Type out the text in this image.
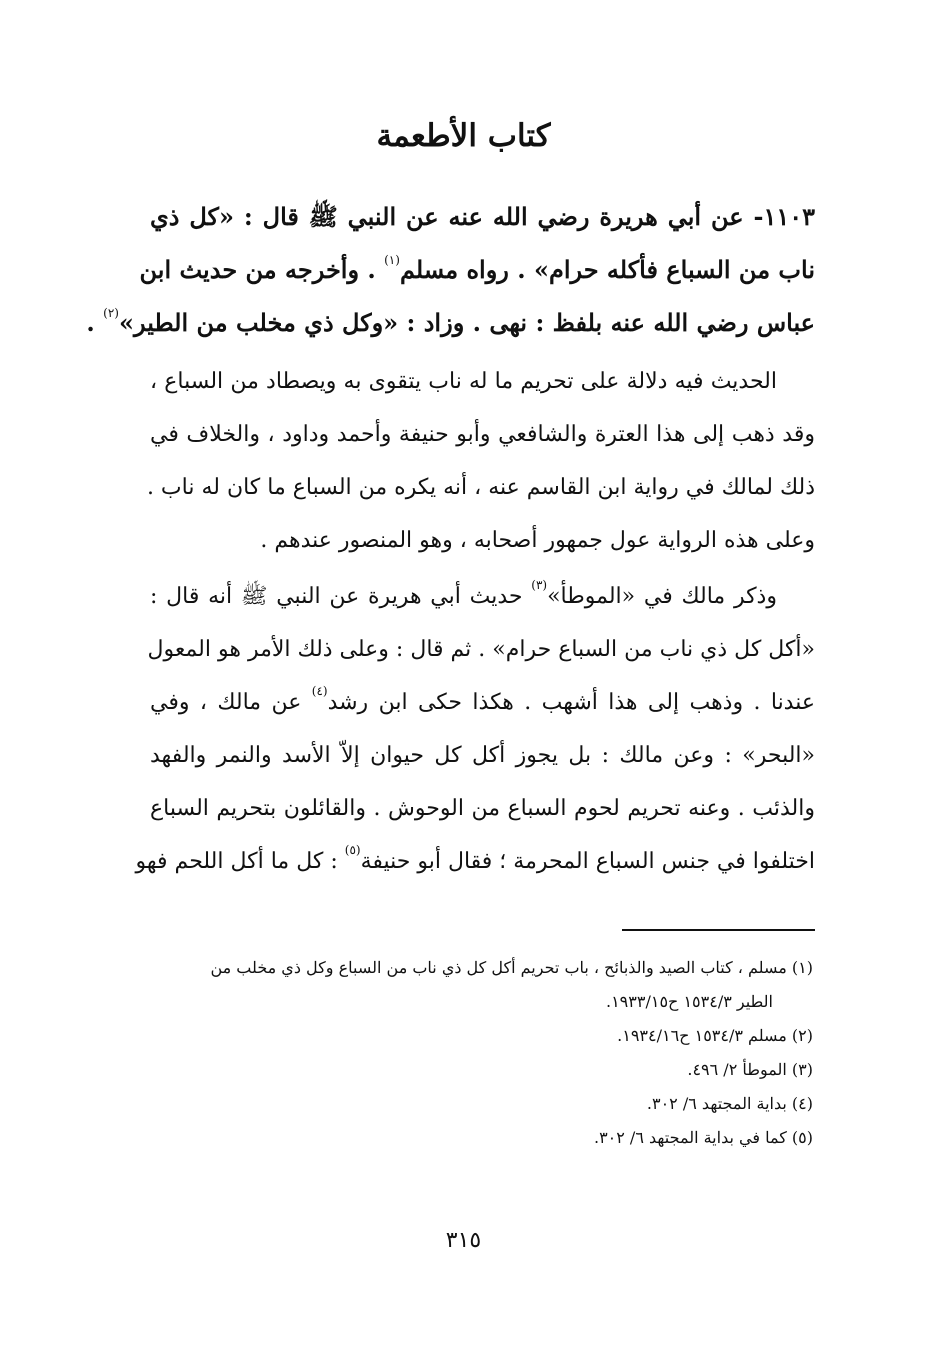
كتاب الأطعمة
١١٠٣- عن أبي هريرة رضي الله عنه عن النبي ﷺ قال : «كل ذي
ناب من السباع فأكله حرام» . رواه مسلم$^{(١)}$ . وأخرجه من حديث ابن
عباس رضي الله عنه بلفظ : نهى . وزاد : «وكل ذي مخلب من الطير»$^{(٢)}$ .
الحديث فيه دلالة على تحريم ما له ناب يتقوى به ويصطاد من السباع ،
وقد ذهب إلى هذا العترة والشافعي وأبو حنيفة وأحمد وداود ، والخلاف في
ذلك لمالك في رواية ابن القاسم عنه ، أنه يكره من السباع ما كان له ناب .
وعلى هذه الرواية عول جمهور أصحابه ، وهو المنصور عندهم .
وذكر مالك في «الموطأ»$^{(٣)}$ حديث أبي هريرة عن النبي ﷺ أنه قال :
«أكل كل ذي ناب من السباع حرام» . ثم قال : وعلى ذلك الأمر هو المعول
عندنا . وذهب إلى هذا أشهب . هكذا حكى ابن رشد$^{(٤)}$ عن مالك ، وفي
«البحر» : وعن مالك : بل يجوز أكل كل حيوان إلاّ الأسد والنمر والفهد
والذئب . وعنه تحريم لحوم السباع من الوحوش . والقائلون بتحريم السباع
اختلفوا في جنس السباع المحرمة ؛ فقال أبو حنيفة$^{(٥)}$ : كل ما أكل اللحم فهو
(١) مسلم ، كتاب الصيد والذبائح ، باب تحريم أكل كل ذي ناب من السباع وكل ذي مخلب من
الطير ١٥٣٤/٣ ح١٩٣٣/١٥.
(٢) مسلم ١٥٣٤/٣ ح١٩٣٤/١٦.
(٣) الموطأ ٢/ ٤٩٦.
(٤) بداية المجتهد ٦/ ٣٠٢.
(٥) كما في بداية المجتهد ٦/ ٣٠٢.
٣١٥
